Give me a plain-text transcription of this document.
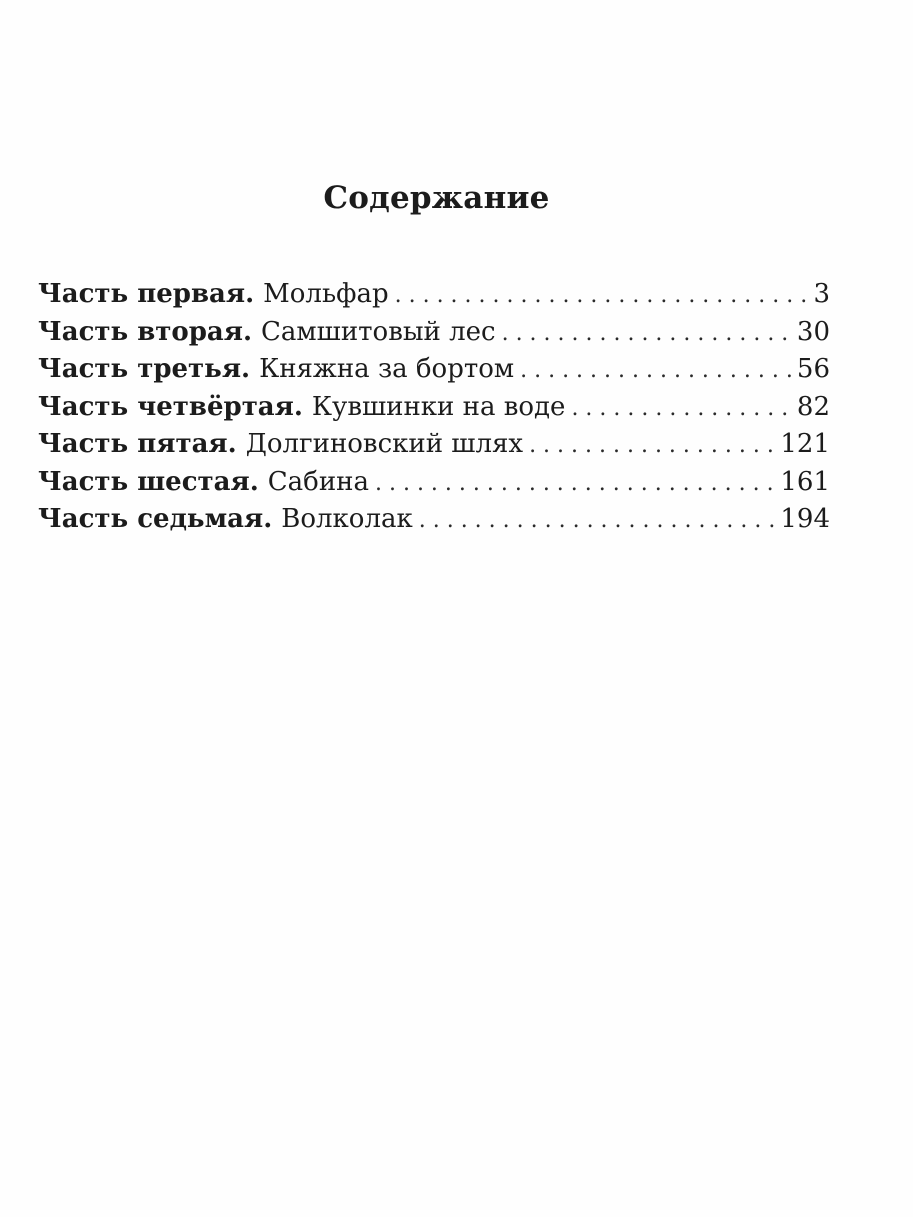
Содержание
Часть первая. Мольфар . . .	3
Часть вторая. Самшитовый лес . . .	30
Часть третья. Княжна за бортом . . .	56
Часть четвёртая. Кувшинки на воде . . .	82
Часть пятая. Долгиновский шлях . . .	121
Часть шестая. Сабина . . .	161
Часть седьмая. Волколак . . .	194
